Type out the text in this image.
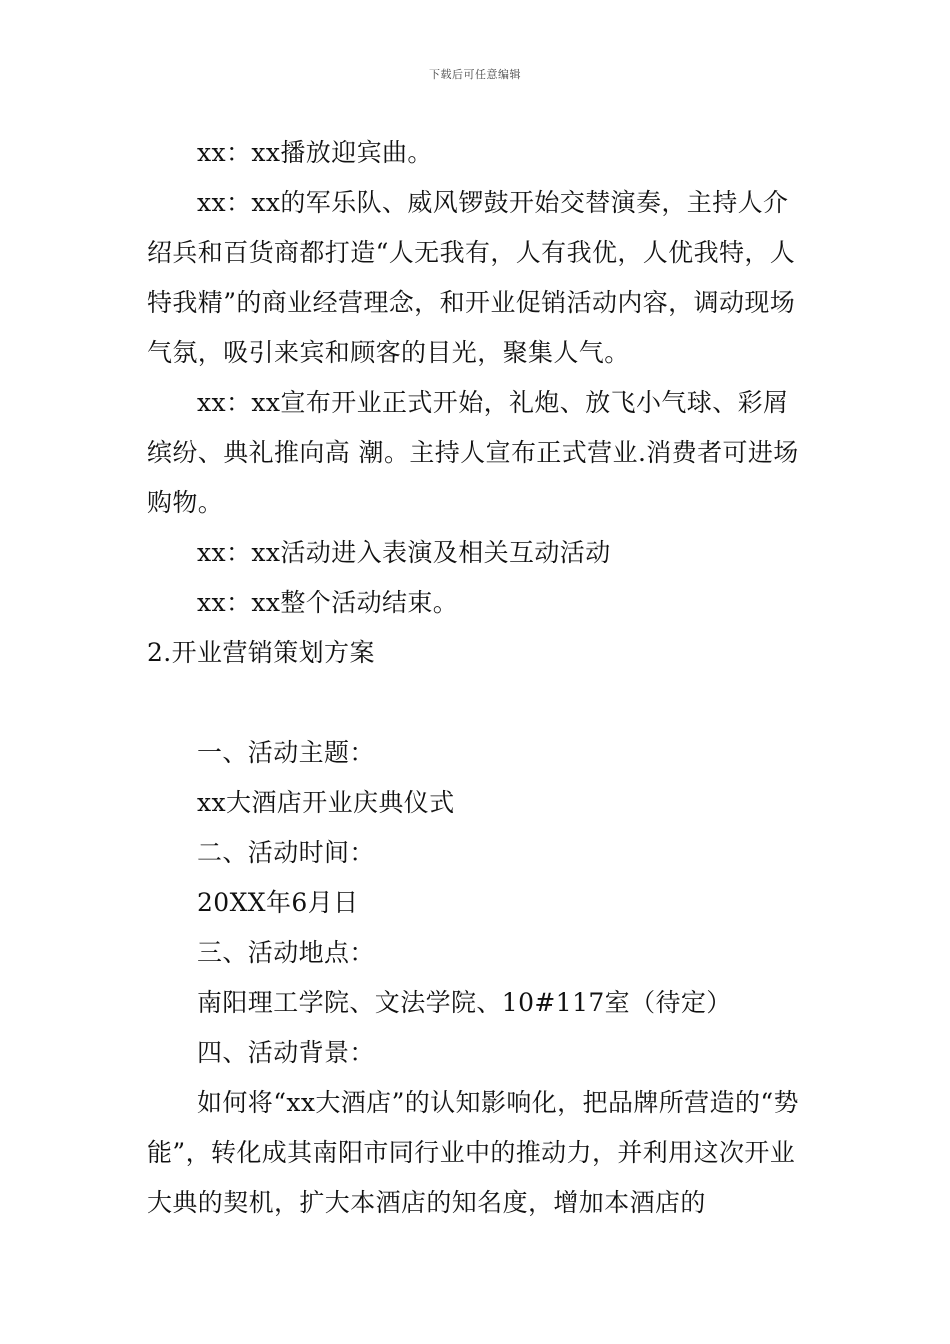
下载后可任意编辑

xx：xx播放迎宾曲。

xx：xx的军乐队、威风锣鼓开始交替演奏，主持人介绍兵和百货商都打造“人无我有，人有我优，人优我特，人特我精”的商业经营理念，和开业促销活动内容，调动现场气氛，吸引来宾和顾客的目光，聚集人气。

xx：xx宣布开业正式开始，礼炮、放飞小气球、彩屑缤纷、典礼推向高 潮。主持人宣布正式营业.消费者可进场购物。

xx：xx活动进入表演及相关互动活动

xx：xx整个活动结束。

2.开业营销策划方案

一、活动主题：

xx大酒店开业庆典仪式

二、活动时间：

20XX年6月日

三、活动地点：

南阳理工学院、文法学院、10#117室（待定）

四、活动背景：

如何将“xx大酒店”的认知影响化，把品牌所营造的“势能”，转化成其南阳市同行业中的推动力，并利用这次开业大典的契机，扩大本酒店的知名度，增加本酒店的
